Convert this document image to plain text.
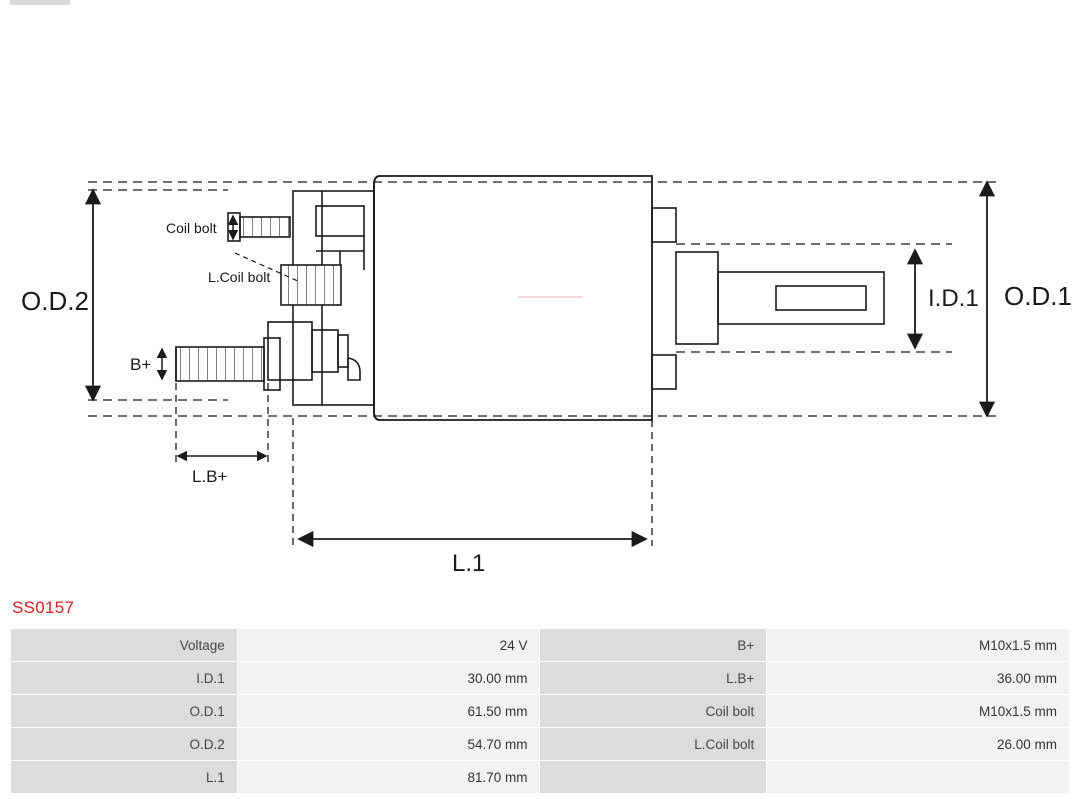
O.D.2	O.D.1
I.D.1
L.1
L.B+
B+
Coil bolt
L.Coil bolt
SS0157
Voltage	24 V	B+	M10x1.5 mm
I.D.1	30.00 mm	L.B+	36.00 mm
O.D.1	61.50 mm	Coil bolt	M10x1.5 mm
O.D.2	54.70 mm	L.Coil bolt	26.00 mm
L.1	81.70 mm		
